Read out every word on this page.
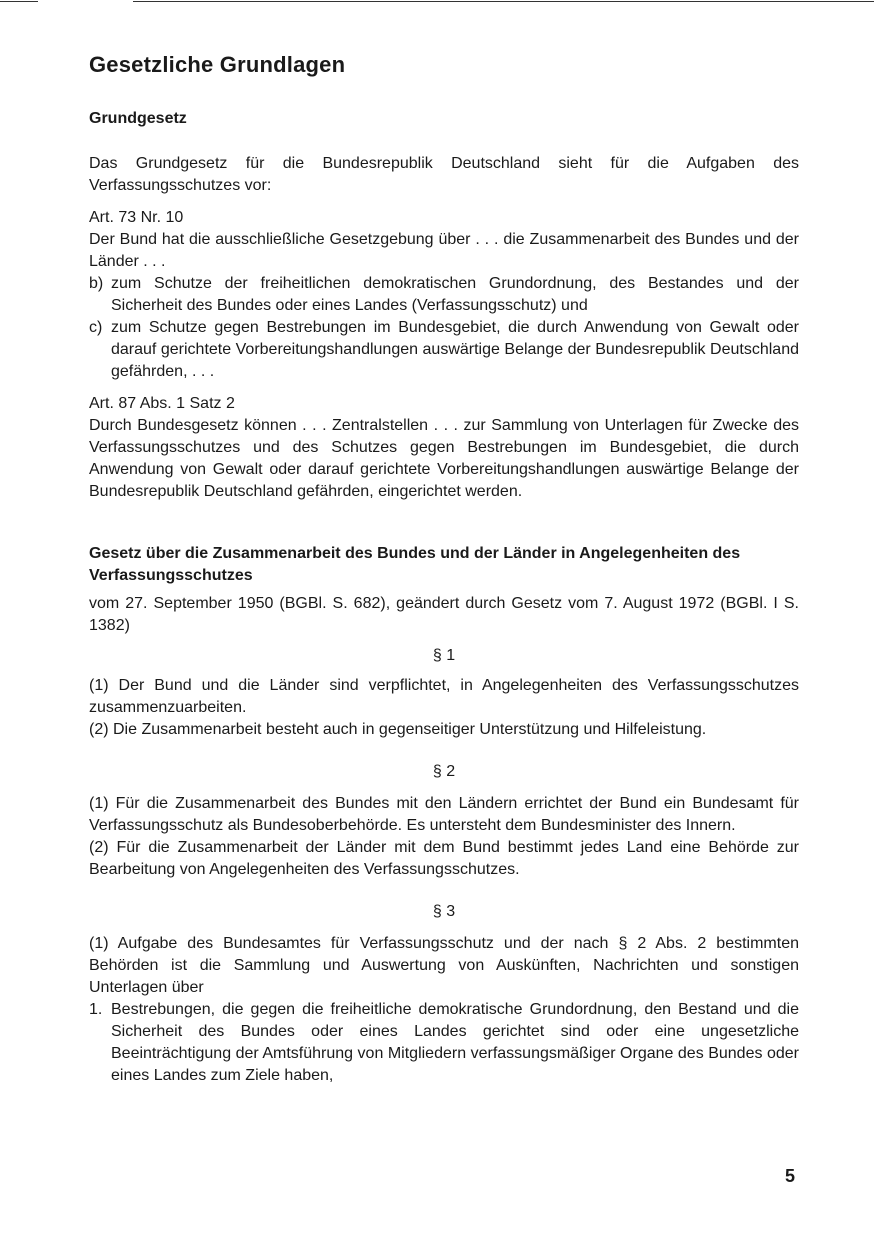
Gesetzliche Grundlagen
Grundgesetz

Das Grundgesetz für die Bundesrepublik Deutschland sieht für die Aufgaben des Verfassungsschutzes vor:

Art. 73 Nr. 10

Der Bund hat die ausschließliche Gesetzgebung über . . . die Zusammenarbeit des Bundes und der Länder . . .

b) zum Schutze der freiheitlichen demokratischen Grundordnung, des Bestandes und der Sicherheit des Bundes oder eines Landes (Verfassungsschutz) und
c) zum Schutze gegen Bestrebungen im Bundesgebiet, die durch Anwendung von Gewalt oder darauf gerichtete Vorbereitungshandlungen auswärtige Belange der Bundesrepublik Deutschland gefährden, . . .

Art. 87 Abs. 1 Satz 2

Durch Bundesgesetz können . . . Zentralstellen . . . zur Sammlung von Unterlagen für Zwecke des Verfassungsschutzes und des Schutzes gegen Bestrebungen im Bundesgebiet, die durch Anwendung von Gewalt oder darauf gerichtete Vorbereitungshandlungen auswärtige Belange der Bundesrepublik Deutschland gefährden, eingerichtet werden.

Gesetz über die Zusammenarbeit des Bundes und der Länder in Angelegenheiten des Verfassungsschutzes

vom 27. September 1950 (BGBl. S. 682), geändert durch Gesetz vom 7. August 1972 (BGBl. I S. 1382)

§ 1

(1) Der Bund und die Länder sind verpflichtet, in Angelegenheiten des Verfassungsschutzes zusammenzuarbeiten.

(2) Die Zusammenarbeit besteht auch in gegenseitiger Unterstützung und Hilfeleistung.

§ 2

(1) Für die Zusammenarbeit des Bundes mit den Ländern errichtet der Bund ein Bundesamt für Verfassungsschutz als Bundesoberbehörde. Es untersteht dem Bundesminister des Innern.

(2) Für die Zusammenarbeit der Länder mit dem Bund bestimmt jedes Land eine Behörde zur Bearbeitung von Angelegenheiten des Verfassungsschutzes.

§ 3

(1) Aufgabe des Bundesamtes für Verfassungsschutz und der nach § 2 Abs. 2 bestimmten Behörden ist die Sammlung und Auswertung von Auskünften, Nachrichten und sonstigen Unterlagen über

1. Bestrebungen, die gegen die freiheitliche demokratische Grundordnung, den Bestand und die Sicherheit des Bundes oder eines Landes gerichtet sind oder eine ungesetzliche Beeinträchtigung der Amtsführung von Mitgliedern verfassungsmäßiger Organe des Bundes oder eines Landes zum Ziele haben,
5
